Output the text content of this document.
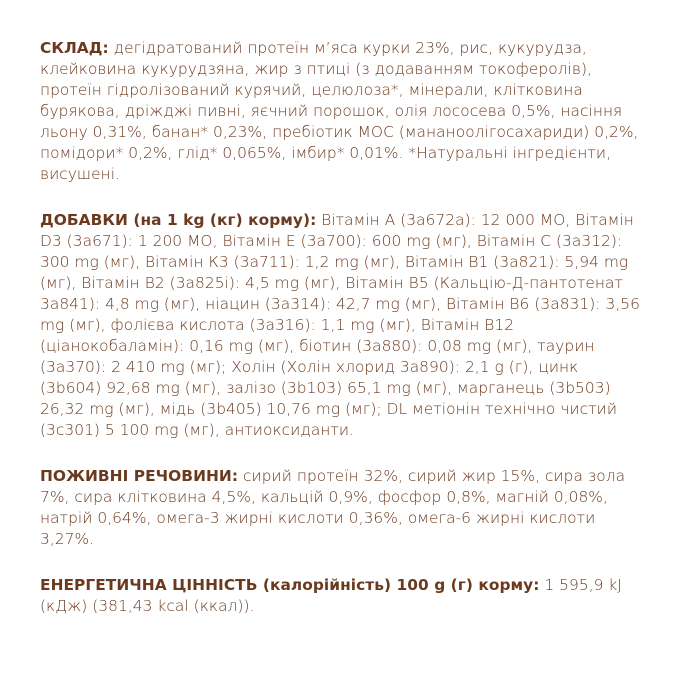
СКЛАД: дегідратований протеїн м’яса курки 23%, рис, кукурудза, клейковина кукурудзяна, жир з птиці (з додаванням токоферолів), протеїн гідролізований курячий, целюлоза*, мінерали, клітковина бурякова, дріжджі пивні, яєчний порошок, олія лососева 0,5%, насіння льону 0,31%, банан* 0,23%, пребіотик МОС (мананоолігосахариди) 0,2%, помідори* 0,2%, глід* 0,065%, імбир* 0,01%. *Натуральні інгредієнти, висушені.

ДОБАВКИ (на 1 kg (кг) корму): Вітамін А (3a672a): 12 000 МО, Вітамін D3 (3a671): 1 200 МО, Вітамін Е (3a700): 600 mg (мг), Вітамін С (3a312): 300 mg (мг), Вітамін К3 (3a711): 1,2 mg (мг), Вітамін B1 (3a821): 5,94 mg (мг), Вітамін B2 (3a825i): 4,5 mg (мг), Вітамін B5 (Кальцію-Д-пантотенат 3a841): 4,8 mg (мг), ніацин (3a314): 42,7 mg (мг), Вітамін В6 (3a831): 3,56 mg (мг), фолієва кислота (3a316): 1,1 mg (мг), Вітамін В12 (ціанокобаламін): 0,16 mg (мг), біотин (3a880): 0,08 mg (мг), таурин (3a370): 2 410 mg (мг); Холін (Холін хлорид 3a890): 2,1 g (г), цинк (3b604) 92,68 mg (мг), залізо (3b103) 65,1 mg (мг), марганець (3b503) 26,32 mg (мг), мідь (3b405) 10,76 mg (мг); DL метіонін технічно чистий (3c301) 5 100 mg (мг), антиоксиданти.

ПОЖИВНІ РЕЧОВИНИ: сирий протеїн 32%, сирий жир 15%, сира зола 7%, сира клітковина 4,5%, кальцій 0,9%, фосфор 0,8%, магній 0,08%, натрій 0,64%, омега-3 жирні кислоти 0,36%, омега-6 жирні кислоти 3,27%.

ЕНЕРГЕТИЧНА ЦІННІСТЬ (калорійність) 100 g (г) корму: 1 595,9 kJ (кДж) (381,43 kcal (ккал)).
